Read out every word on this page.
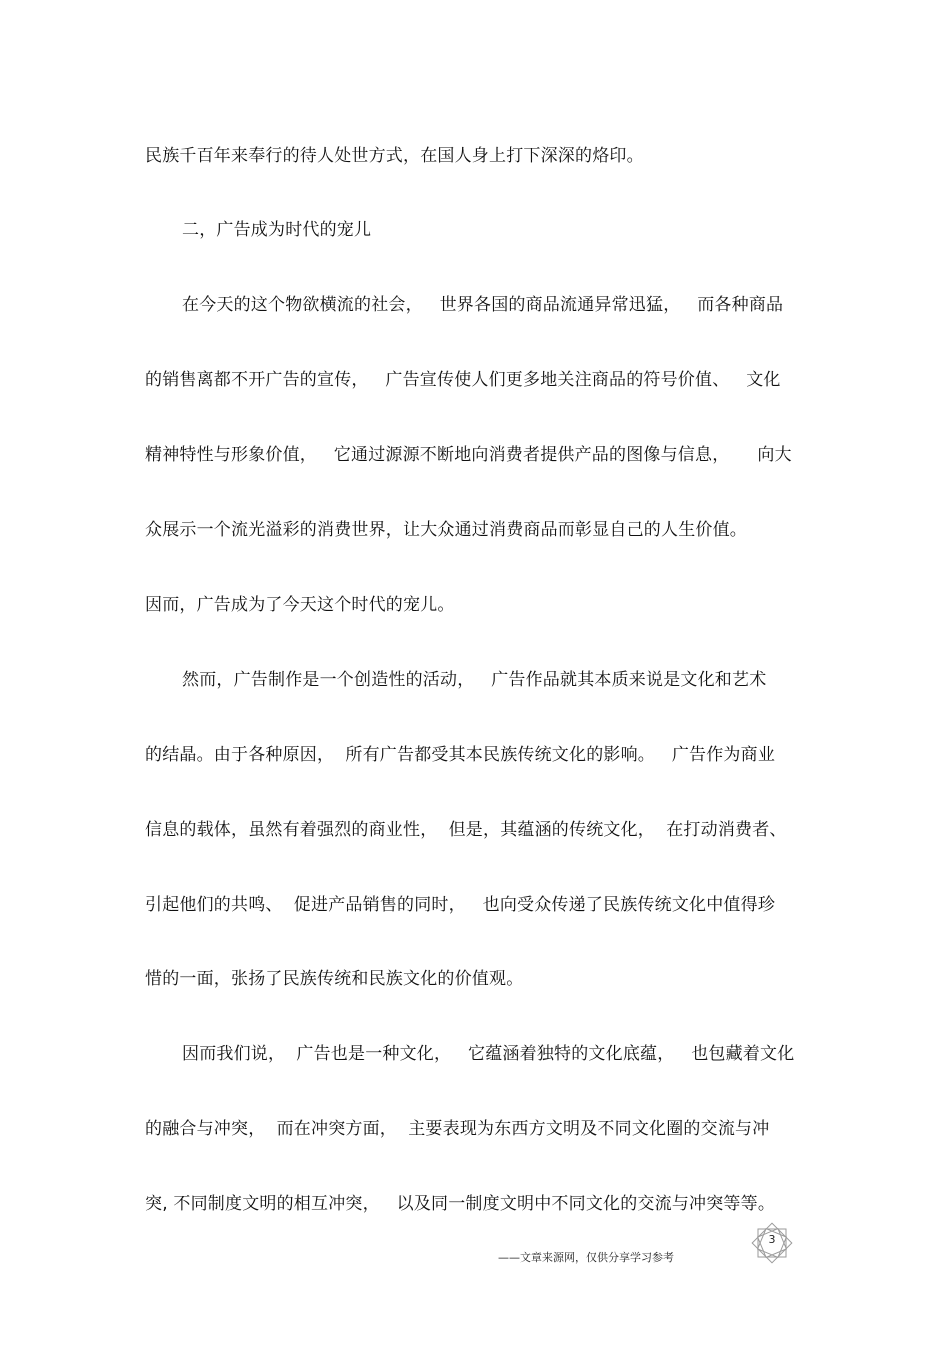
民族千百年来奉行的待人处世方式，在国人身上打下深深的烙印。
二，广告成为时代的宠儿
在今天的这个物欲横流的社会，   世界各国的商品流通异常迅猛，   而各种商品
的销售离都不开广告的宣传，   广告宣传使人们更多地关注商品的符号价值、   文化
精神特性与形象价值，   它通过源源不断地向消费者提供产品的图像与信息，     向大
众展示一个流光溢彩的消费世界，让大众通过消费商品而彰显自己的人生价值。
因而，广告成为了今天这个时代的宠儿。
然而，广告制作是一个创造性的活动，   广告作品就其本质来说是文化和艺术
的结晶。由于各种原因，  所有广告都受其本民族传统文化的影响。   广告作为商业
信息的载体，虽然有着强烈的商业性，  但是，其蕴涵的传统文化，  在打动消费者、
引起他们的共鸣、  促进产品销售的同时，   也向受众传递了民族传统文化中值得珍
惜的一面，张扬了民族传统和民族文化的价值观。
因而我们说，  广告也是一种文化，   它蕴涵着独特的文化底蕴，   也包藏着文化
的融合与冲突，  而在冲突方面，  主要表现为东西方文明及不同文化圈的交流与冲
突, 不同制度文明的相互冲突，   以及同一制度文明中不同文化的交流与冲突等等。
3
——文章来源网，仅供分享学习参考
